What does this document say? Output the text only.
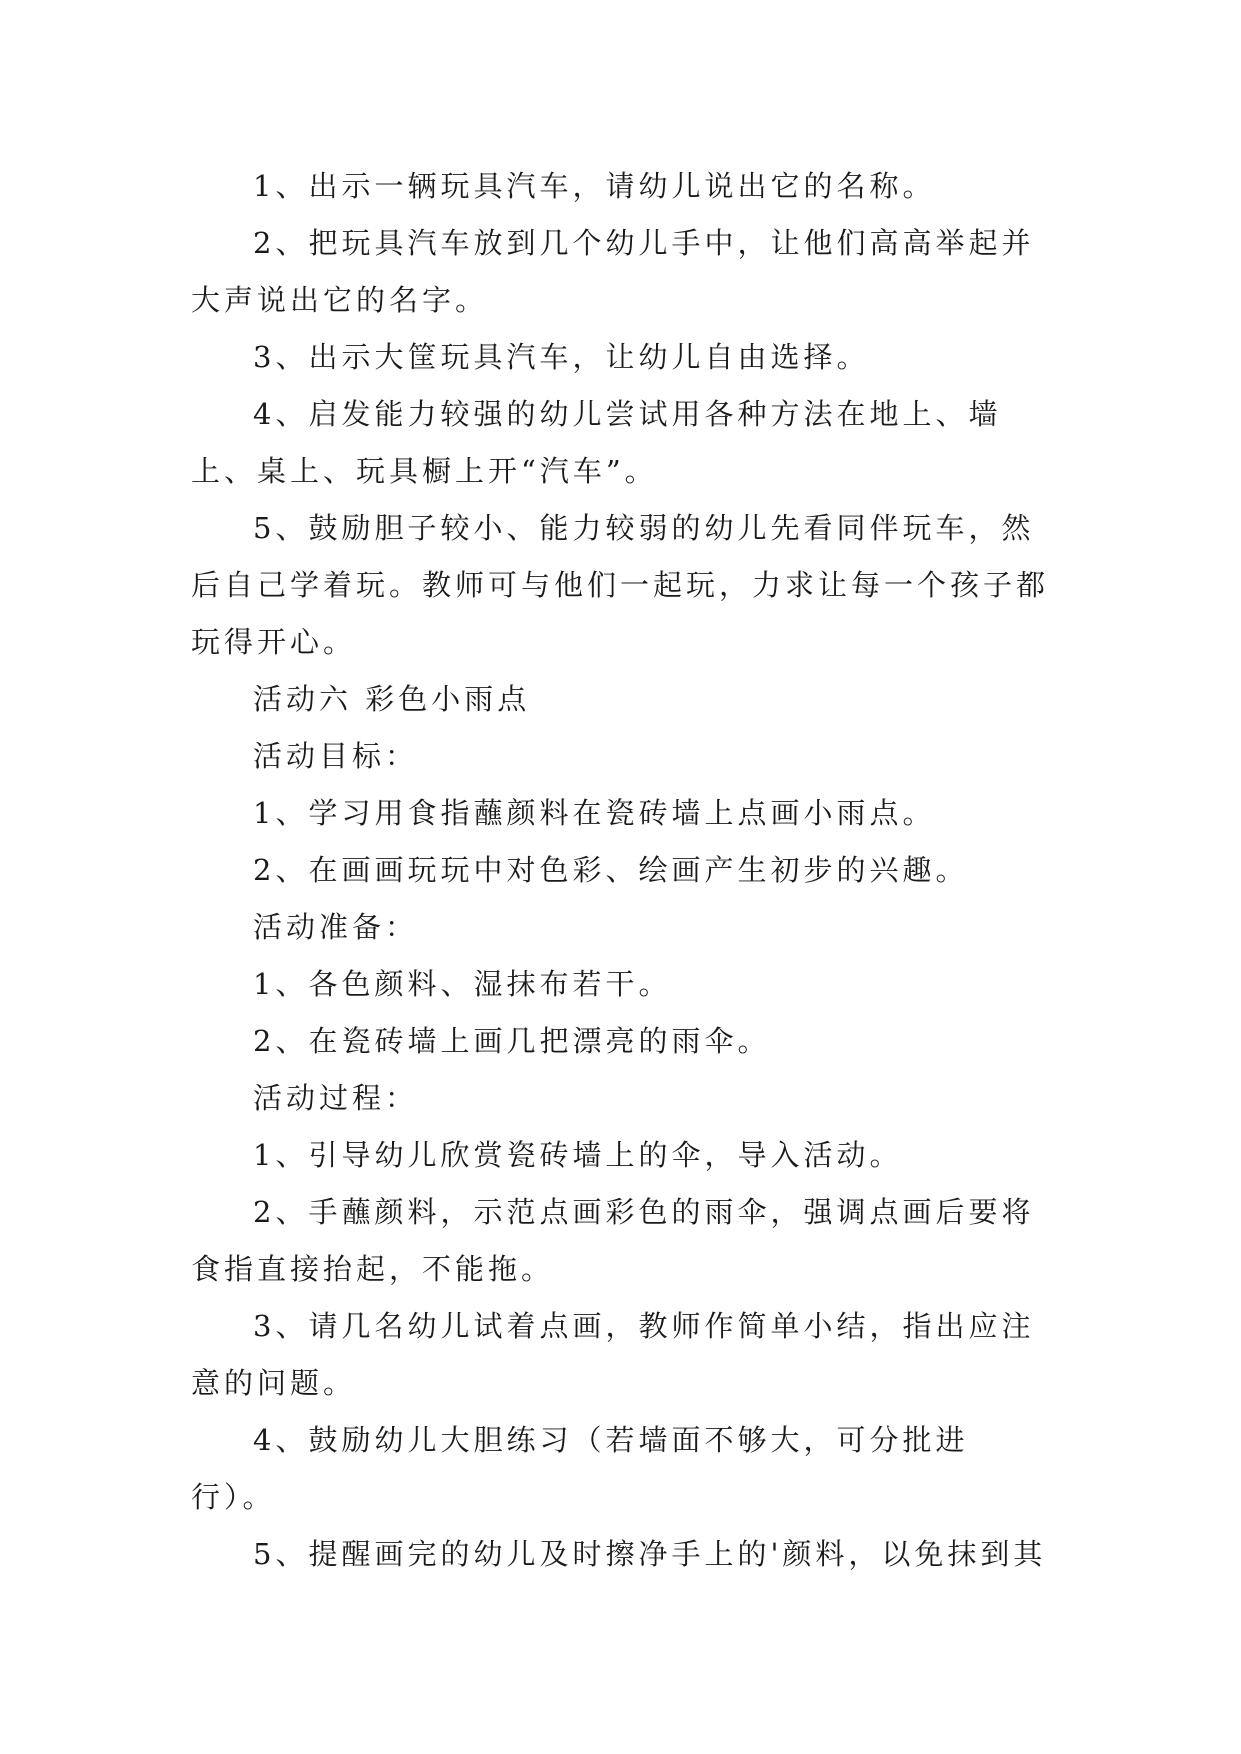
1、出示一辆玩具汽车，请幼儿说出它的名称。

2、把玩具汽车放到几个幼儿手中，让他们高高举起并大声说出它的名字。

3、出示大筐玩具汽车，让幼儿自由选择。

4、启发能力较强的幼儿尝试用各种方法在地上、墙上、桌上、玩具橱上开“汽车”。

5、鼓励胆子较小、能力较弱的幼儿先看同伴玩车，然后自己学着玩。教师可与他们一起玩，力求让每一个孩子都玩得开心。

活动六 彩色小雨点

活动目标：

1、学习用食指蘸颜料在瓷砖墙上点画小雨点。

2、在画画玩玩中对色彩、绘画产生初步的兴趣。

活动准备：

1、各色颜料、湿抹布若干。

2、在瓷砖墙上画几把漂亮的雨伞。

活动过程：

1、引导幼儿欣赏瓷砖墙上的伞，导入活动。

2、手蘸颜料，示范点画彩色的雨伞，强调点画后要将食指直接抬起，不能拖。

3、请几名幼儿试着点画，教师作简单小结，指出应注意的问题。

4、鼓励幼儿大胆练习（若墙面不够大，可分批进行）。

5、提醒画完的幼儿及时擦净手上的'颜料，以免抹到其
